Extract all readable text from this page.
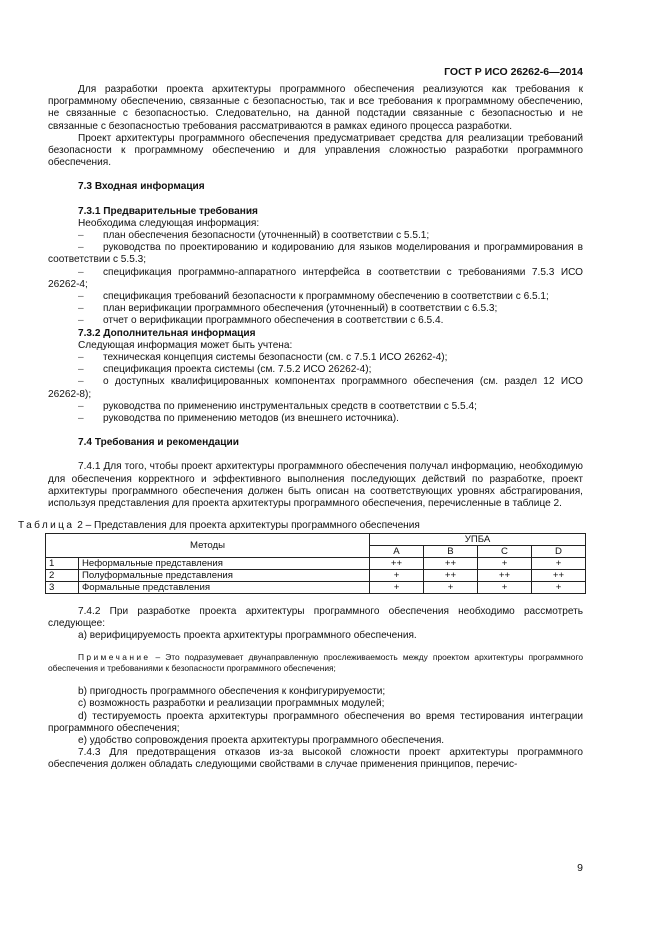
ГОСТ Р ИСО 26262-6—2014

Для разработки проекта архитектуры программного обеспечения реализуются как требования к программному обеспечению, связанные с безопасностью, так и все требования к программному обеспечению, не связанные с безопасностью. Следовательно, на данной подстадии связанные с безопасностью и не связанные с безопасностью требования рассматриваются в рамках единого процесса разработки.

Проект архитектуры программного обеспечения предусматривает средства для реализации требований безопасности к программному обеспечению и для управления сложностью разработки программного обеспечения.

7.3 Входная информация

7.3.1 Предварительные требования

Необходима следующая информация:

– план обеспечения безопасности (уточненный) в соответствии с 5.5.1;
– руководства по проектированию и кодированию для языков моделирования и программирования в соответствии с 5.5.3;
– спецификация программно-аппаратного интерфейса в соответствии с требованиями 7.5.3 ИСО 26262-4;
– спецификация требований безопасности к программному обеспечению в соответствии с 6.5.1;
– план верификации программного обеспечения (уточненный) в соответствии с 6.5.3;
– отчет о верификации программного обеспечения в соответствии с 6.5.4.

7.3.2 Дополнительная информация

Следующая информация может быть учтена:

– техническая концепция системы безопасности (см. с 7.5.1 ИСО 26262-4);
– спецификация проекта системы (см. 7.5.2 ИСО 26262-4);
– о доступных квалифицированных компонентах программного обеспечения (см. раздел 12 ИСО 26262-8);
– руководства по применению инструментальных средств в соответствии с 5.5.4;
– руководства по применению методов (из внешнего источника).

7.4 Требования и рекомендации

7.4.1 Для того, чтобы проект архитектуры программного обеспечения получал информацию, необходимую для обеспечения корректного и эффективного выполнения последующих действий по разработке, проект архитектуры программного обеспечения должен быть описан на соответствующих уровнях абстрагирования, используя представления для проекта архитектуры программного обеспечения, перечисленные в таблице 2.

Таблица 2 – Представления для проекта архитектуры программного обеспечения

Методы		УПБА			
		A	B	C	D
1	Неформальные представления	++	++	+	+
2	Полуформальные представления	+	++	++	++
3	Формальные представления	+	+	+	+

7.4.2 При разработке проекта архитектуры программного обеспечения необходимо рассмотреть следующее:

a) верифицируемость проекта архитектуры программного обеспечения.

Примечание – Это подразумевает двунаправленную прослеживаемость между проектом архитектуры программного обеспечения и требованиями к безопасности программного обеспечения;

b) пригодность программного обеспечения к конфигурируемости;

c) возможность разработки и реализации программных модулей;

d) тестируемость проекта архитектуры программного обеспечения во время тестирования интеграции программного обеспечения;

e) удобство сопровождения проекта архитектуры программного обеспечения.

7.4.3 Для предотвращения отказов из-за высокой сложности проект архитектуры программного обеспечения должен обладать следующими свойствами в случае применения принципов, перечис-

9
